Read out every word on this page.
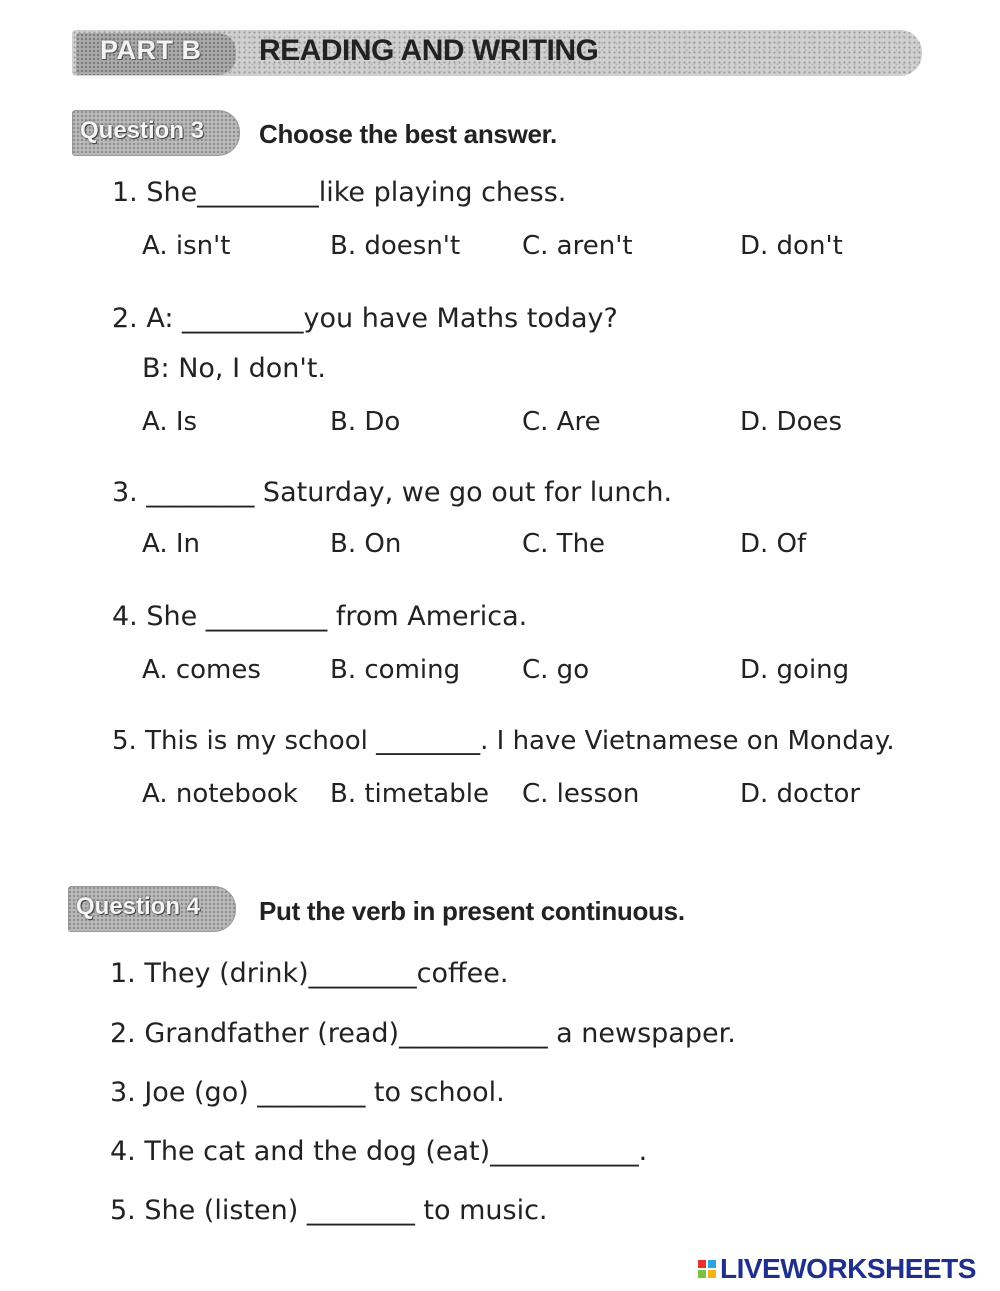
PART B READING AND WRITING
Question 3 Choose the best answer.
1. She_________like playing chess.
A. isn't	B. doesn't C. aren't	D. don't
2. A: _________you have Maths today?
B: No, I don't.
A. Is	B. Do	C. Are	D. Does
3. ________ Saturday, we go out for lunch.
A. In	B. On	C. The	D. Of
4. She _________ from America.
A. comes	B. coming C. go	D. going
5. This is my school ________. I have Vietnamese on Monday.
A. notebook B. timetable C. lesson	D. doctor
Question 4 Put the verb in present continuous.
1. They (drink)________coffee.
2. Grandfather (read)___________ a newspaper.
3. Joe (go) ________ to school.
4. The cat and the dog (eat)___________.
5. She (listen) ________ to music.
LIVEWORKSHEETS
